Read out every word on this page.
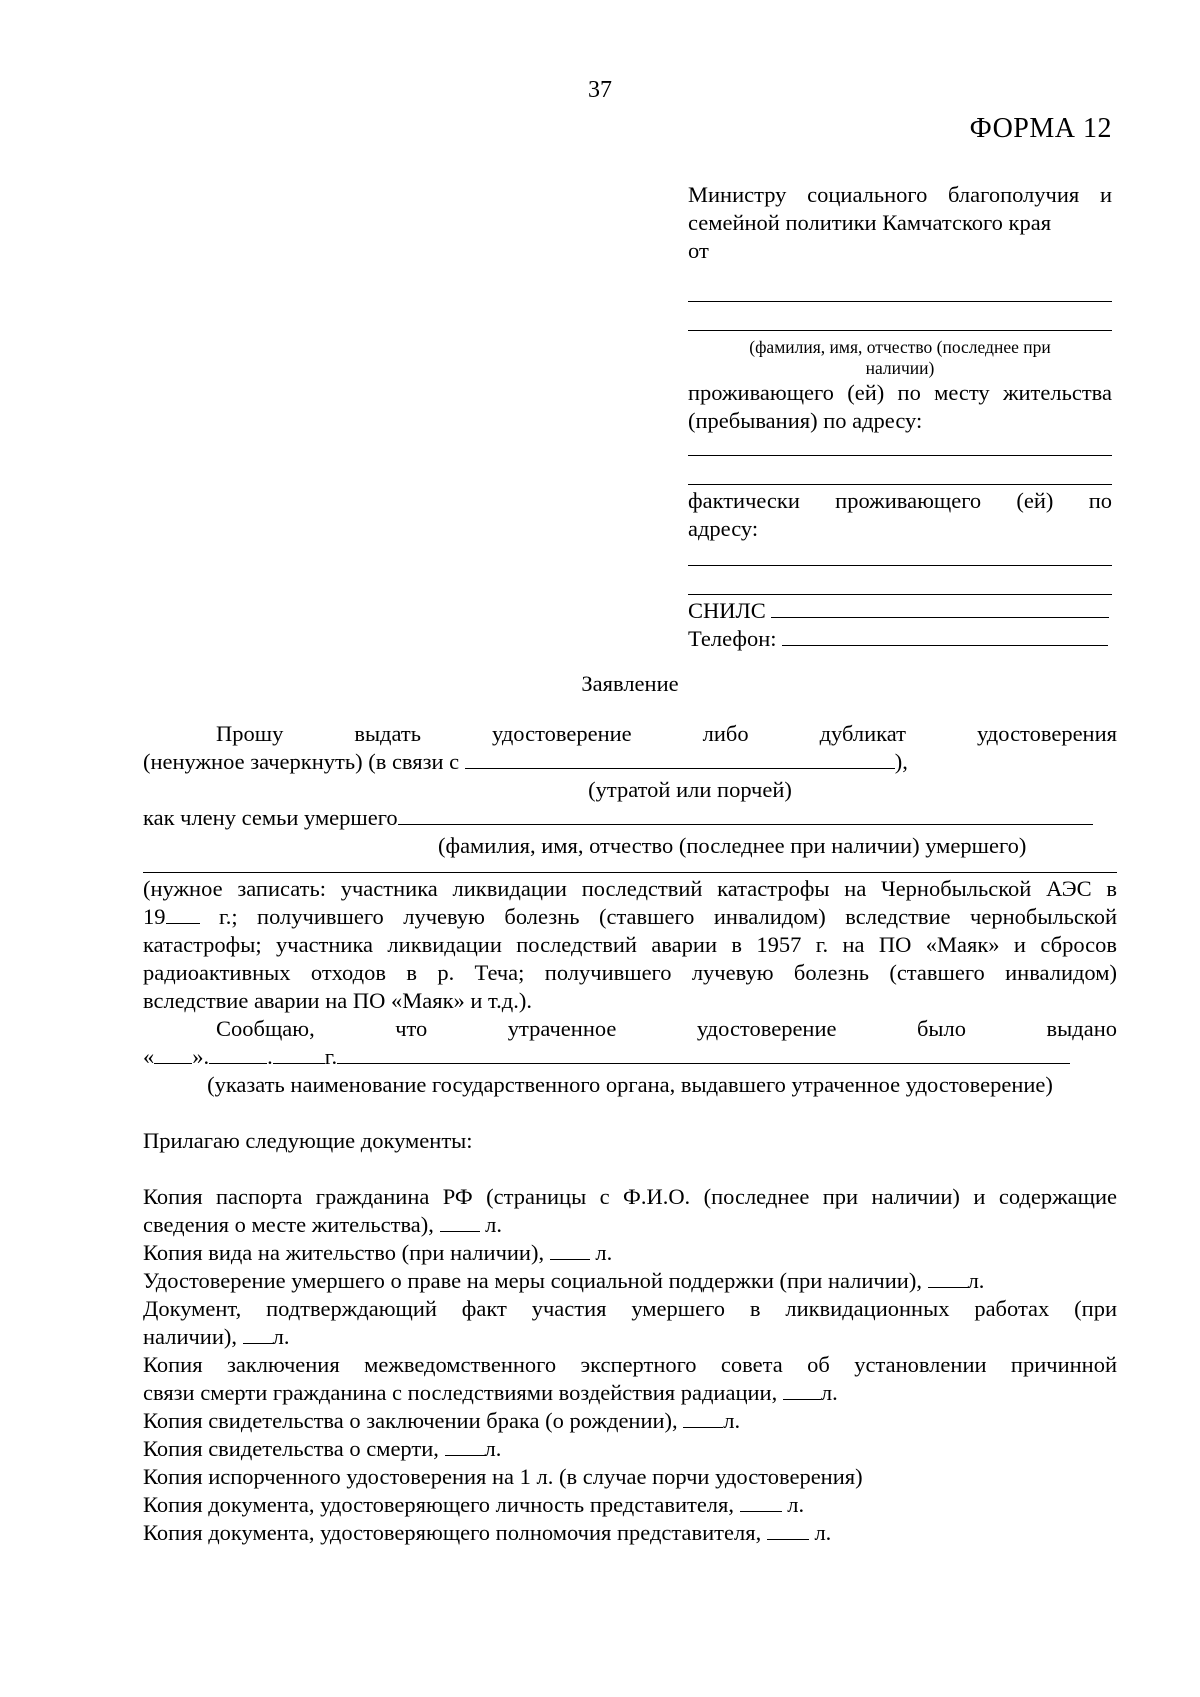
37
ФОРМА 12
Министру социального благополучия и
семейной политики Камчатского края
от
(фамилия, имя, отчество (последнее при
наличии)
проживающего (ей) по месту жительства
(пребывания) по адресу:
фактически проживающего (ей) по
адресу:
СНИЛС
Телефон:
Заявление
Прошу выдать удостоверение либо дубликат удостоверения
(ненужное зачеркнуть) (в связи с	),
(утратой или порчей)
как члену семьи умершего
(фамилия, имя, отчество (последнее при наличии) умершего)
(нужное записать: участника ликвидации последствий катастрофы на Чернобыльской АЭС в
19 г.; получившего лучевую болезнь (ставшего инвалидом) вследствие чернобыльской
катастрофы; участника ликвидации последствий аварии в 1957 г. на ПО «Маяк» и сбросов
радиоактивных отходов в р. Теча; получившего лучевую болезнь (ставшего инвалидом)
вследствие аварии на ПО «Маяк» и т.д.).
Сообщаю, что утраченное удостоверение было выдано
« ».	. г.
(указать наименование государственного органа, выдавшего утраченное удостоверение)
Прилагаю следующие документы:
Копия паспорта гражданина РФ (страницы с Ф.И.О. (последнее при наличии) и содержащие
сведения о месте жительства), л.
Копия вида на жительство (при наличии), л.
Удостоверение умершего о праве на меры социальной поддержки (при наличии), л.
Документ, подтверждающий факт участия умершего в ликвидационных работах (при
наличии), л.
Копия заключения межведомственного экспертного совета об установлении причинной
связи смерти гражданина с последствиями воздействия радиации, л.
Копия свидетельства о заключении брака (о рождении), л.
Копия свидетельства о смерти, л.
Копия испорченного удостоверения на 1 л. (в случае порчи удостоверения)
Копия документа, удостоверяющего личность представителя, л.
Копия документа, удостоверяющего полномочия представителя, л.
